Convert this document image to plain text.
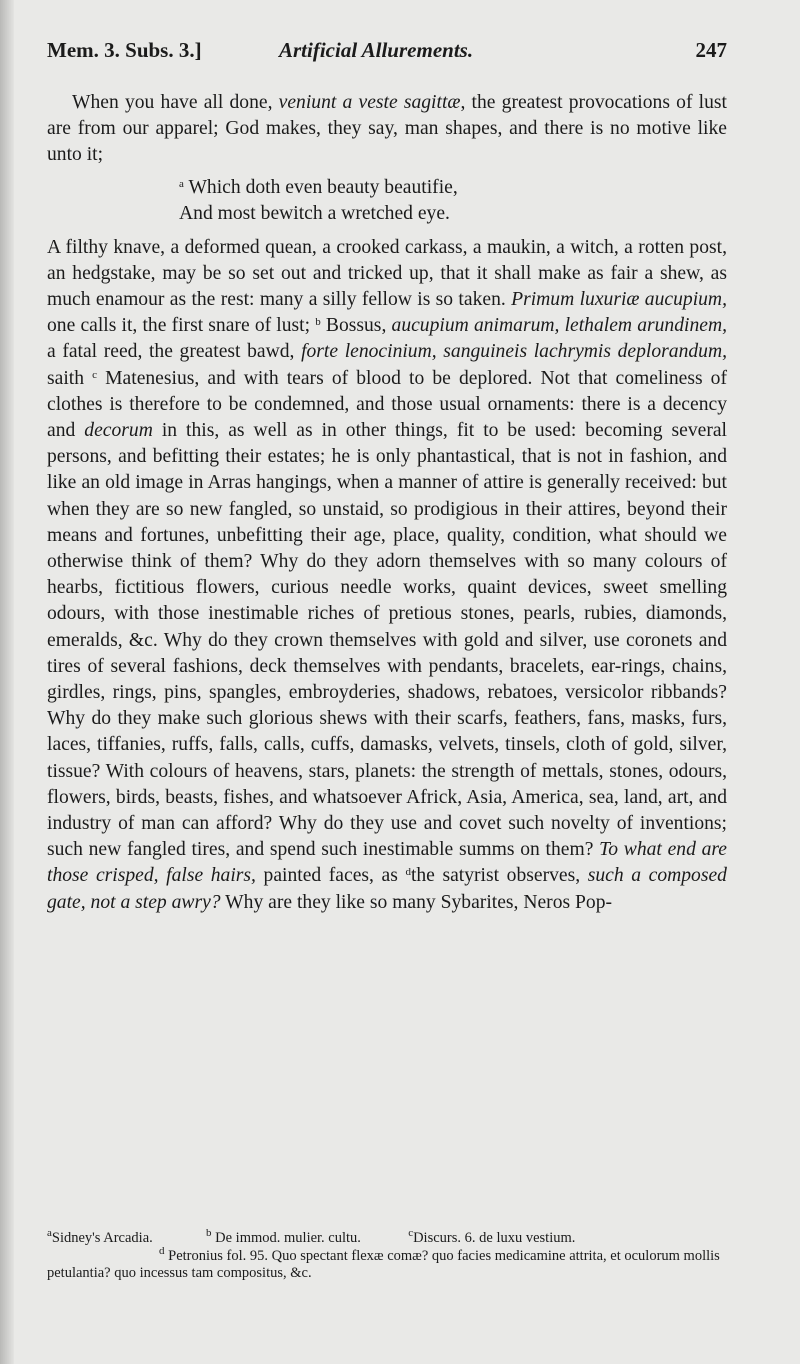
Mem. 3. Subs. 3.]	Artificial Allurements.	247

When you have all done, veniunt a veste sagittæ, the greatest provocations of lust are from our apparel; God makes, they say, man shapes, and there is no motive like unto it;

$^a$ Which doth even beauty beautifie,
And most bewitch a wretched eye.

A filthy knave, a deformed quean, a crooked carkass, a maukin, a witch, a rotten post, an hedgstake, may be so set out and tricked up, that it shall make as fair a shew, as much enamour as the rest: many a silly fellow is so taken. Primum luxuriæ aucupium, one calls it, the first snare of lust; $^b$ Bossus, aucupium animarum, lethalem arundinem, a fatal reed, the greatest bawd, forte lenocinium, sanguineis lachrymis deplorandum, saith $^c$ Matenesius, and with tears of blood to be deplored. Not that comeliness of clothes is therefore to be condemned, and those usual ornaments: there is a decency and decorum in this, as well as in other things, fit to be used: becoming several persons, and befitting their estates; he is only phantastical, that is not in fashion, and like an old image in Arras hangings, when a manner of attire is generally received: but when they are so new fangled, so unstaid, so prodigious in their attires, beyond their means and fortunes, unbefitting their age, place, quality, condition, what should we otherwise think of them? Why do they adorn themselves with so many colours of hearbs, fictitious flowers, curious needle works, quaint devices, sweet smelling odours, with those inestimable riches of pretious stones, pearls, rubies, diamonds, emeralds, &c. Why do they crown themselves with gold and silver, use coronets and tires of several fashions, deck themselves with pendants, bracelets, ear-rings, chains, girdles, rings, pins, spangles, embroyderies, shadows, rebatoes, versicolor ribbands? Why do they make such glorious shews with their scarfs, feathers, fans, masks, furs, laces, tiffanies, ruffs, falls, calls, cuffs, damasks, velvets, tinsels, cloth of gold, silver, tissue? With colours of heavens, stars, planets: the strength of mettals, stones, odours, flowers, birds, beasts, fishes, and whatsoever Africk, Asia, America, sea, land, art, and industry of man can afford? Why do they use and covet such novelty of inventions; such new fangled tires, and spend such inestimable summs on them? To what end are those crisped, false hairs, painted faces, as $^d$the satyrist observes, such a composed gate, not a step awry? Why are they like so many Sybarites, Neros Pop-

$^a$Sidney's Arcadia.	$^b$ De immod. mulier. cultu.	$^c$Discurs. 6. de luxu vestium.
$^d$ Petronius fol. 95. Quo spectant flexæ comæ? quo facies medicamine attrita, et oculorum mollis petulantia? quo incessus tam compositus, &c.
